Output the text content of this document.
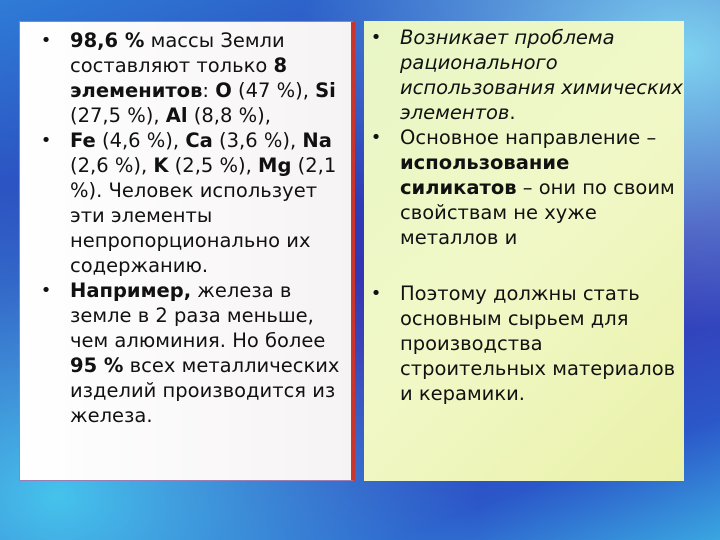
• 98,6 % массы Земли составляют только 8 элеменитов: O (47 %), Si (27,5 %), Al (8,8 %),
• Fe (4,6 %), Ca (3,6 %), Na (2,6 %), K (2,5 %), Mg (2,1 %). Человек использует эти элементы непропорционально их содержанию.
• Например, железа в земле в 2 раза меньше, чем алюминия. Но более 95 % всех металлических изделий производится из железа.
• Возникает проблема рационального использования химических элементов.
• Основное направление – использование силикатов – они по своим свойствам не хуже металлов и
• Поэтому должны стать основным сырьем для производства строительных материалов и керамики.
